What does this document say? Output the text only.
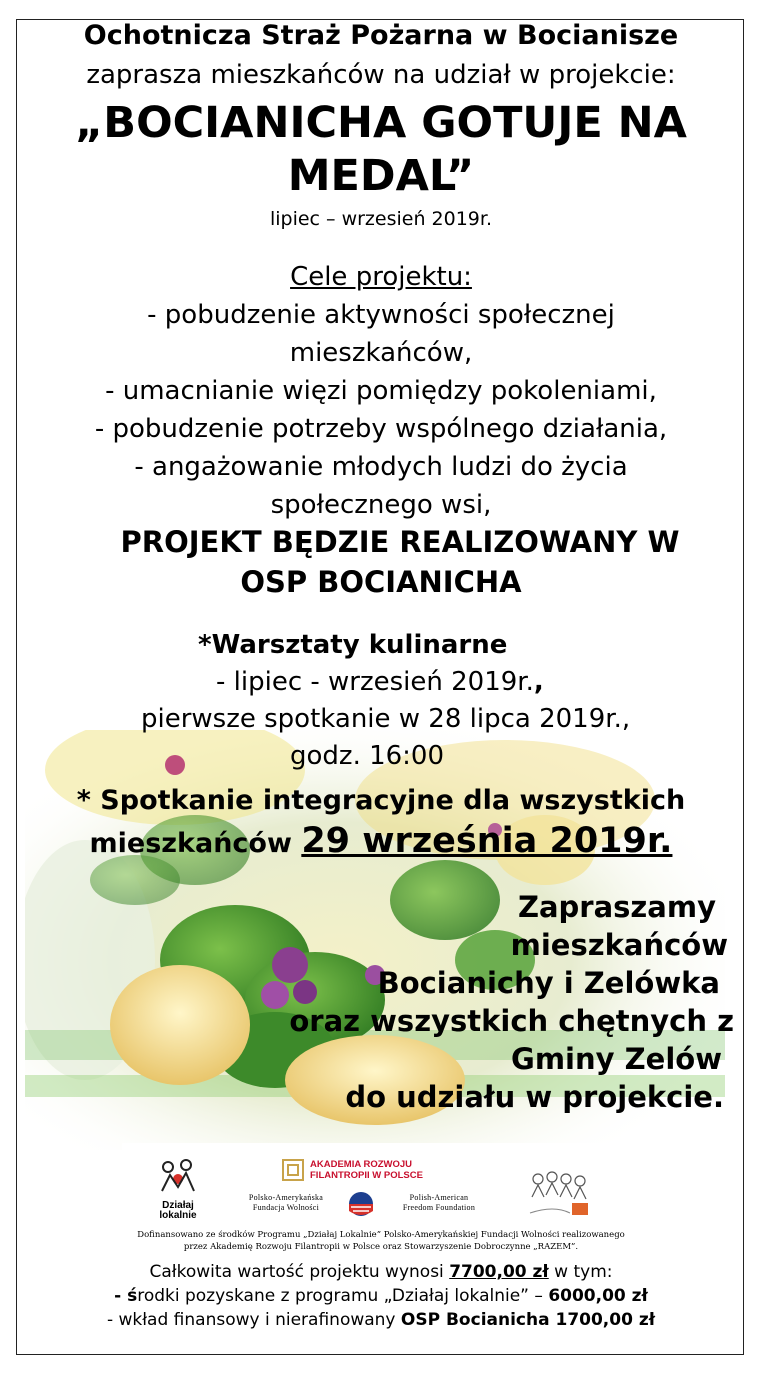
Ochotnicza Straż Pożarna w Bocianisze
zaprasza mieszkańców na udział w projekcie:
„BOCIANICHA GOTUJE NA
MEDAL”
lipiec – wrzesień 2019r.
Cele projektu:
- pobudzenie aktywności społecznej
mieszkańców,
- umacnianie więzi pomiędzy pokoleniami,
- pobudzenie potrzeby wspólnego działania,
- angażowanie młodych ludzi do życia
społecznego wsi,
PROJEKT BĘDZIE REALIZOWANY W
OSP BOCIANICHA
*Warsztaty kulinarne
- lipiec - wrzesień 2019r.,
pierwsze spotkanie w 28 lipca 2019r.,
godz. 16:00
* Spotkanie integracyjne dla wszystkich
mieszkańców 29 września 2019r.
Zapraszamy
mieszkańców
Bocianichy i Zelówka
oraz wszystkich chętnych z
Gminy Zelów
do udziału w projekcie.
Działaj
lokalnie
AKADEMIA ROZWOJU
FILANTROPII W POLSCE
Polsko-Amerykańska
Fundacja Wolności
Polish-American
Freedom Foundation
Dofinansowano ze środków Programu „Działaj Lokalnie” Polsko-Amerykańskiej Fundacji Wolności realizowanego
przez Akademię Rozwoju Filantropii w Polsce oraz Stowarzyszenie Dobroczynne „RAZEM”.
Całkowita wartość projektu wynosi 7700,00 zł w tym:
- środki pozyskane z programu „Działaj lokalnie” – 6000,00 zł
- wkład finansowy i nierafinowany OSP Bocianicha 1700,00 zł
